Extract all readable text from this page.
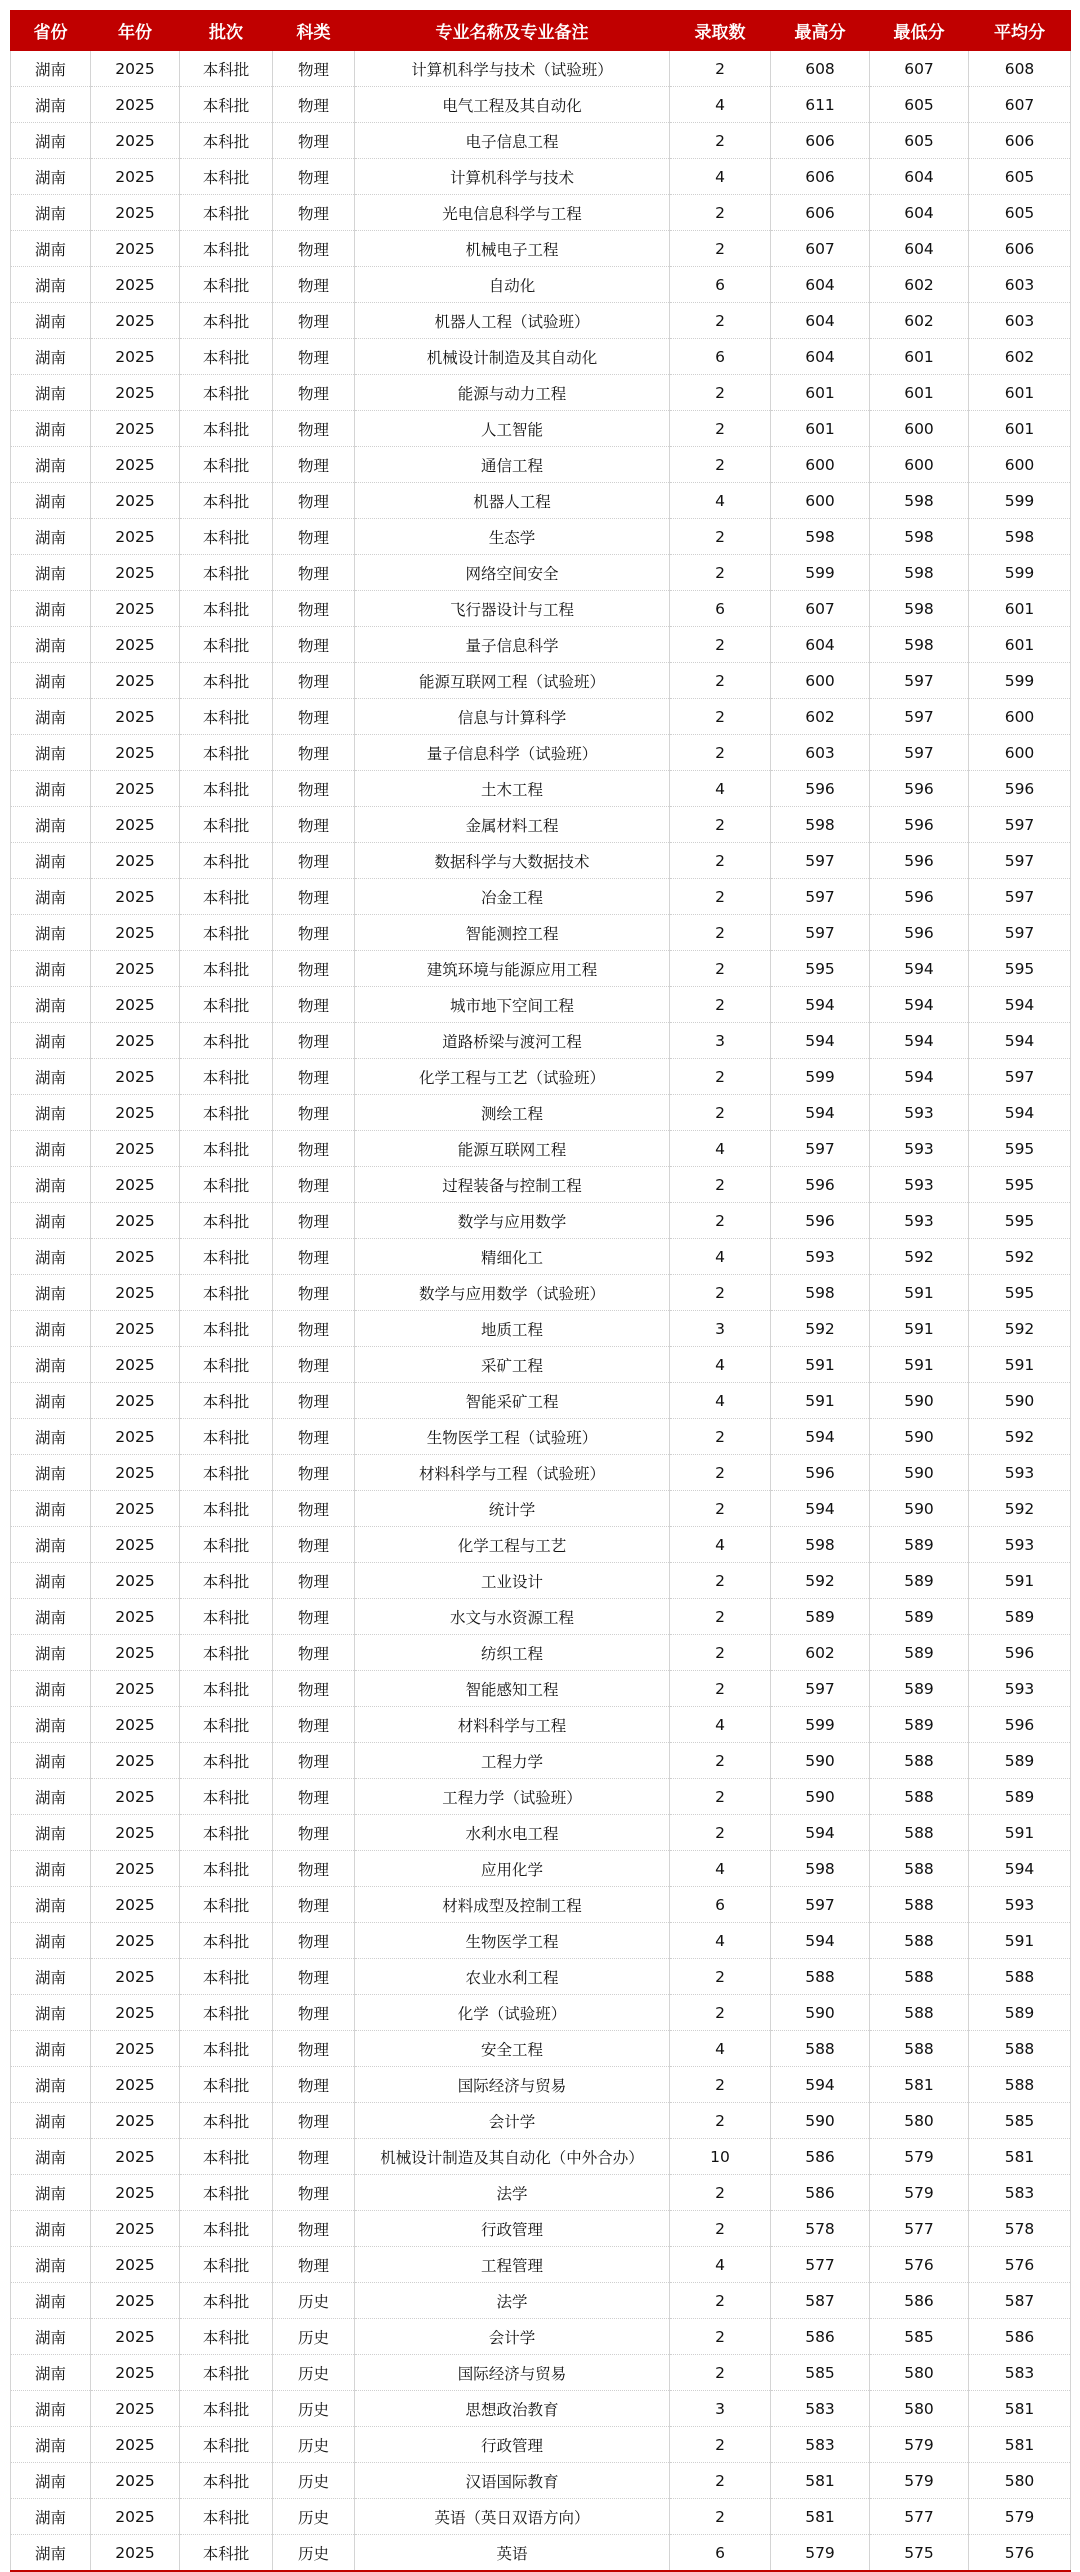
省份	年份	批次	科类	专业名称及专业备注	录取数	最高分	最低分	平均分
湖南	2025	本科批	物理	计算机科学与技术（试验班）	2	608	607	608
湖南	2025	本科批	物理	电气工程及其自动化	4	611	605	607
湖南	2025	本科批	物理	电子信息工程	2	606	605	606
湖南	2025	本科批	物理	计算机科学与技术	4	606	604	605
湖南	2025	本科批	物理	光电信息科学与工程	2	606	604	605
湖南	2025	本科批	物理	机械电子工程	2	607	604	606
湖南	2025	本科批	物理	自动化	6	604	602	603
湖南	2025	本科批	物理	机器人工程（试验班）	2	604	602	603
湖南	2025	本科批	物理	机械设计制造及其自动化	6	604	601	602
湖南	2025	本科批	物理	能源与动力工程	2	601	601	601
湖南	2025	本科批	物理	人工智能	2	601	600	601
湖南	2025	本科批	物理	通信工程	2	600	600	600
湖南	2025	本科批	物理	机器人工程	4	600	598	599
湖南	2025	本科批	物理	生态学	2	598	598	598
湖南	2025	本科批	物理	网络空间安全	2	599	598	599
湖南	2025	本科批	物理	飞行器设计与工程	6	607	598	601
湖南	2025	本科批	物理	量子信息科学	2	604	598	601
湖南	2025	本科批	物理	能源互联网工程（试验班）	2	600	597	599
湖南	2025	本科批	物理	信息与计算科学	2	602	597	600
湖南	2025	本科批	物理	量子信息科学（试验班）	2	603	597	600
湖南	2025	本科批	物理	土木工程	4	596	596	596
湖南	2025	本科批	物理	金属材料工程	2	598	596	597
湖南	2025	本科批	物理	数据科学与大数据技术	2	597	596	597
湖南	2025	本科批	物理	冶金工程	2	597	596	597
湖南	2025	本科批	物理	智能测控工程	2	597	596	597
湖南	2025	本科批	物理	建筑环境与能源应用工程	2	595	594	595
湖南	2025	本科批	物理	城市地下空间工程	2	594	594	594
湖南	2025	本科批	物理	道路桥梁与渡河工程	3	594	594	594
湖南	2025	本科批	物理	化学工程与工艺（试验班）	2	599	594	597
湖南	2025	本科批	物理	测绘工程	2	594	593	594
湖南	2025	本科批	物理	能源互联网工程	4	597	593	595
湖南	2025	本科批	物理	过程装备与控制工程	2	596	593	595
湖南	2025	本科批	物理	数学与应用数学	2	596	593	595
湖南	2025	本科批	物理	精细化工	4	593	592	592
湖南	2025	本科批	物理	数学与应用数学（试验班）	2	598	591	595
湖南	2025	本科批	物理	地质工程	3	592	591	592
湖南	2025	本科批	物理	采矿工程	4	591	591	591
湖南	2025	本科批	物理	智能采矿工程	4	591	590	590
湖南	2025	本科批	物理	生物医学工程（试验班）	2	594	590	592
湖南	2025	本科批	物理	材料科学与工程（试验班）	2	596	590	593
湖南	2025	本科批	物理	统计学	2	594	590	592
湖南	2025	本科批	物理	化学工程与工艺	4	598	589	593
湖南	2025	本科批	物理	工业设计	2	592	589	591
湖南	2025	本科批	物理	水文与水资源工程	2	589	589	589
湖南	2025	本科批	物理	纺织工程	2	602	589	596
湖南	2025	本科批	物理	智能感知工程	2	597	589	593
湖南	2025	本科批	物理	材料科学与工程	4	599	589	596
湖南	2025	本科批	物理	工程力学	2	590	588	589
湖南	2025	本科批	物理	工程力学（试验班）	2	590	588	589
湖南	2025	本科批	物理	水利水电工程	2	594	588	591
湖南	2025	本科批	物理	应用化学	4	598	588	594
湖南	2025	本科批	物理	材料成型及控制工程	6	597	588	593
湖南	2025	本科批	物理	生物医学工程	4	594	588	591
湖南	2025	本科批	物理	农业水利工程	2	588	588	588
湖南	2025	本科批	物理	化学（试验班）	2	590	588	589
湖南	2025	本科批	物理	安全工程	4	588	588	588
湖南	2025	本科批	物理	国际经济与贸易	2	594	581	588
湖南	2025	本科批	物理	会计学	2	590	580	585
湖南	2025	本科批	物理	机械设计制造及其自动化（中外合办）	10	586	579	581
湖南	2025	本科批	物理	法学	2	586	579	583
湖南	2025	本科批	物理	行政管理	2	578	577	578
湖南	2025	本科批	物理	工程管理	4	577	576	576
湖南	2025	本科批	历史	法学	2	587	586	587
湖南	2025	本科批	历史	会计学	2	586	585	586
湖南	2025	本科批	历史	国际经济与贸易	2	585	580	583
湖南	2025	本科批	历史	思想政治教育	3	583	580	581
湖南	2025	本科批	历史	行政管理	2	583	579	581
湖南	2025	本科批	历史	汉语国际教育	2	581	579	580
湖南	2025	本科批	历史	英语（英日双语方向）	2	581	577	579
湖南	2025	本科批	历史	英语	6	579	575	576
